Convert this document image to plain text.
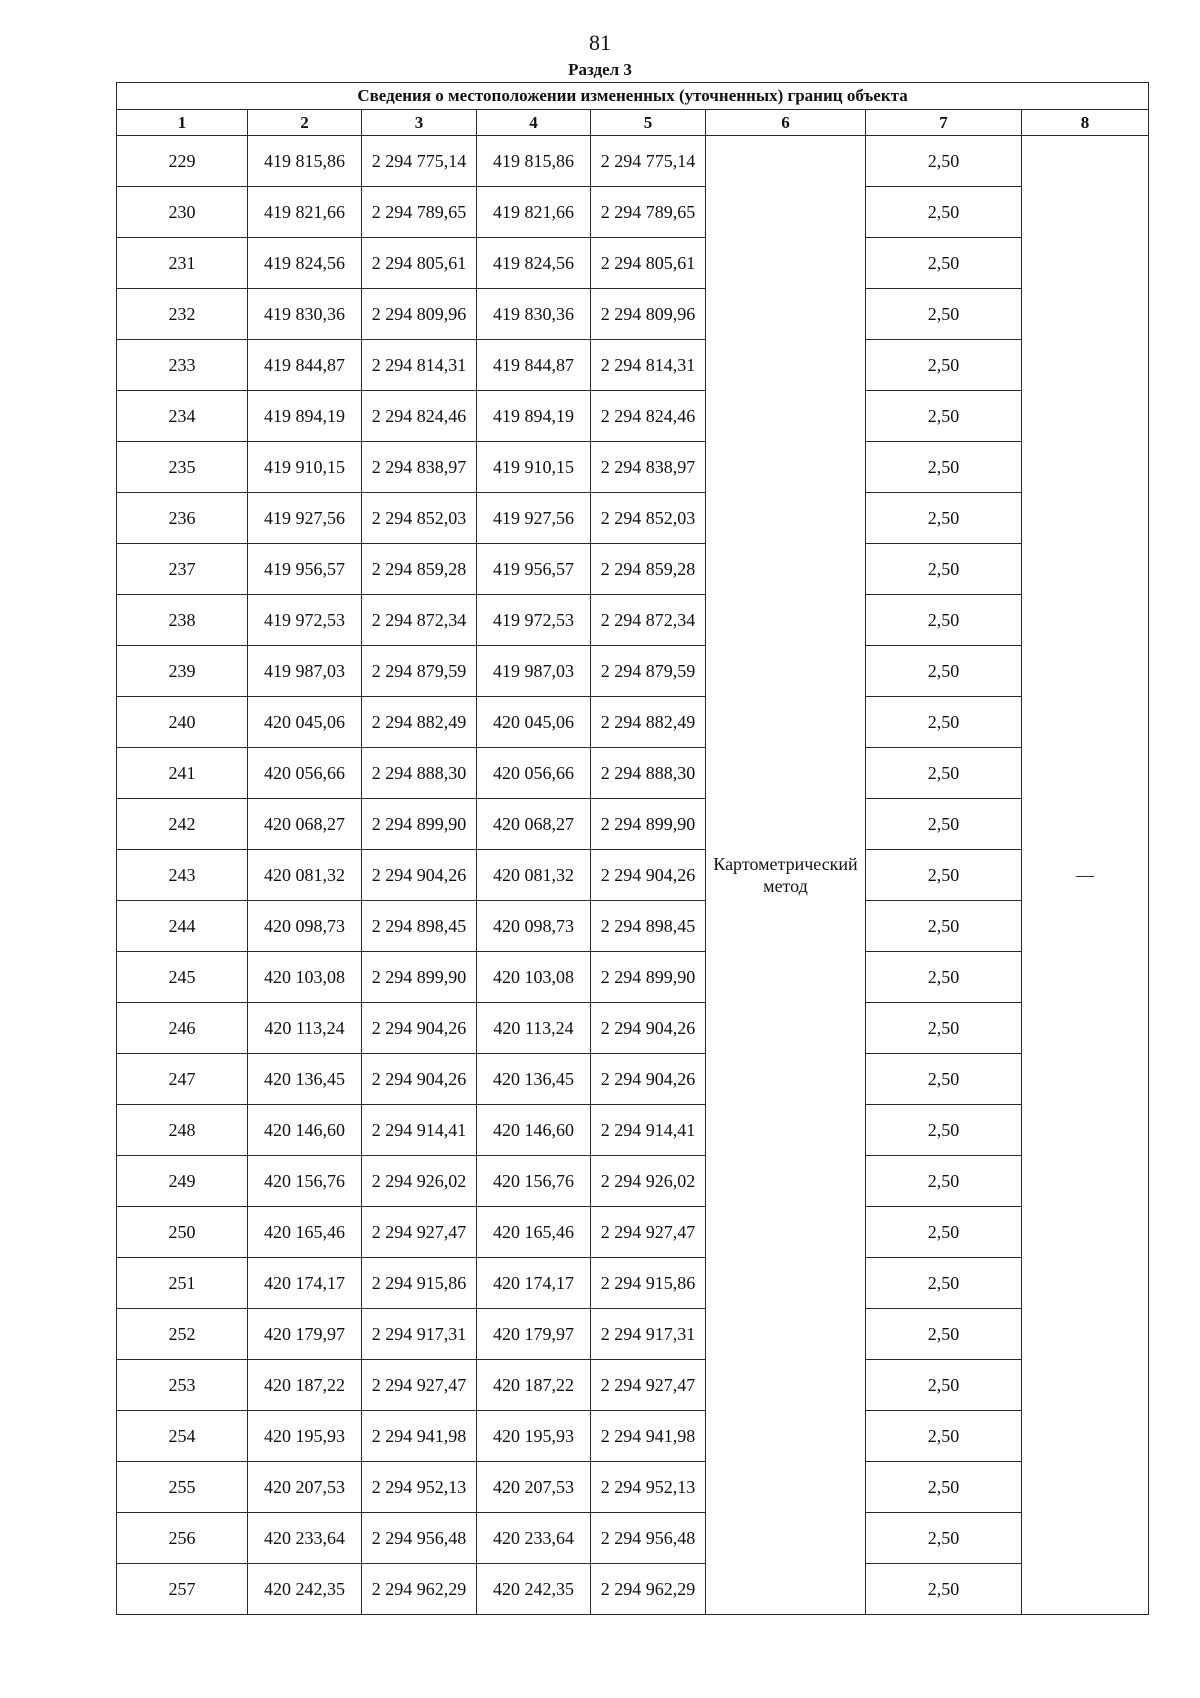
81
Раздел 3
Сведения о местоположении измененных (уточненных) границ объекта							
1	2	3	4	5	6	7	8
229	419 815,86	2 294 775,14	419 815,86	2 294 775,14	Картометрический метод	2,50	—
230	419 821,66	2 294 789,65	419 821,66	2 294 789,65		2,50	
231	419 824,56	2 294 805,61	419 824,56	2 294 805,61		2,50	
232	419 830,36	2 294 809,96	419 830,36	2 294 809,96		2,50	
233	419 844,87	2 294 814,31	419 844,87	2 294 814,31		2,50	
234	419 894,19	2 294 824,46	419 894,19	2 294 824,46		2,50	
235	419 910,15	2 294 838,97	419 910,15	2 294 838,97		2,50	
236	419 927,56	2 294 852,03	419 927,56	2 294 852,03		2,50	
237	419 956,57	2 294 859,28	419 956,57	2 294 859,28		2,50	
238	419 972,53	2 294 872,34	419 972,53	2 294 872,34		2,50	
239	419 987,03	2 294 879,59	419 987,03	2 294 879,59		2,50	
240	420 045,06	2 294 882,49	420 045,06	2 294 882,49		2,50	
241	420 056,66	2 294 888,30	420 056,66	2 294 888,30		2,50	
242	420 068,27	2 294 899,90	420 068,27	2 294 899,90		2,50	
243	420 081,32	2 294 904,26	420 081,32	2 294 904,26		2,50	
244	420 098,73	2 294 898,45	420 098,73	2 294 898,45		2,50	
245	420 103,08	2 294 899,90	420 103,08	2 294 899,90		2,50	
246	420 113,24	2 294 904,26	420 113,24	2 294 904,26		2,50	
247	420 136,45	2 294 904,26	420 136,45	2 294 904,26		2,50	
248	420 146,60	2 294 914,41	420 146,60	2 294 914,41		2,50	
249	420 156,76	2 294 926,02	420 156,76	2 294 926,02		2,50	
250	420 165,46	2 294 927,47	420 165,46	2 294 927,47		2,50	
251	420 174,17	2 294 915,86	420 174,17	2 294 915,86		2,50	
252	420 179,97	2 294 917,31	420 179,97	2 294 917,31		2,50	
253	420 187,22	2 294 927,47	420 187,22	2 294 927,47		2,50	
254	420 195,93	2 294 941,98	420 195,93	2 294 941,98		2,50	
255	420 207,53	2 294 952,13	420 207,53	2 294 952,13		2,50	
256	420 233,64	2 294 956,48	420 233,64	2 294 956,48		2,50	
257	420 242,35	2 294 962,29	420 242,35	2 294 962,29		2,50	
